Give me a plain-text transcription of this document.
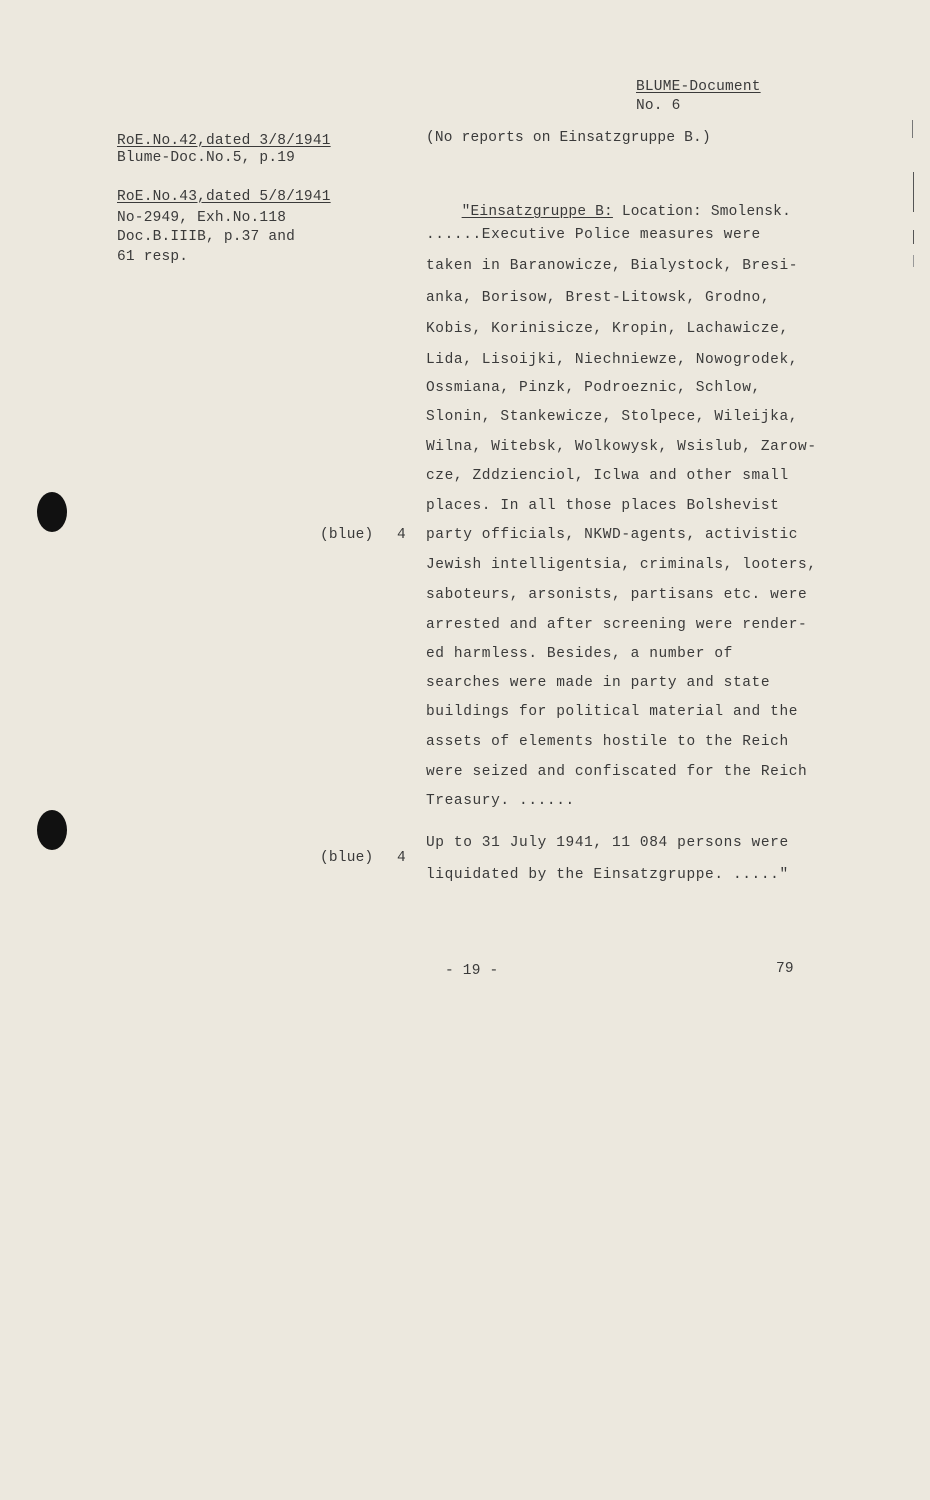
BLUME-Document
No. 6
RoE.No.42,dated 3/8/1941
Blume-Doc.No.5, p.19
RoE.No.43,dated 5/8/1941
No-2949, Exh.No.118
Doc.B.IIIB, p.37 and
61 resp.
(No reports on Einsatzgruppe B.)

"Einsatzgruppe B: Location: Smolensk.

......Executive Police measures were
taken in Baranowicze, Bialystock, Bresi-
anka, Borisow, Brest-Litowsk, Grodno,
Kobis, Korinisicze, Kropin, Lachawicze,
Lida, Lisoijki, Niechniewze, Nowogrodek,
Ossmiana, Pinzk, Podroeznic, Schlow,
Slonin, Stankewicze, Stolpece, Wileijka,
Wilna, Witebsk, Wolkowysk, Wsislub, Zarow-
cze, Zddzienciol, Iclwa and other small
places. In all those places Bolshevist
party officials, NKWD-agents, activistic
Jewish intelligentsia, criminals, looters,
saboteurs, arsonists, partisans etc. were
arrested and after screening were render-
ed harmless. Besides, a number of
searches were made in party and state
buildings for political material and the
assets of elements hostile to the Reich
were seized and confiscated for the Reich
Treasury. ......
Up to 31 July 1941, 11 084 persons were
liquidated by the Einsatzgruppe. ....."
(blue) 4
(blue) 4
- 19 -	79
